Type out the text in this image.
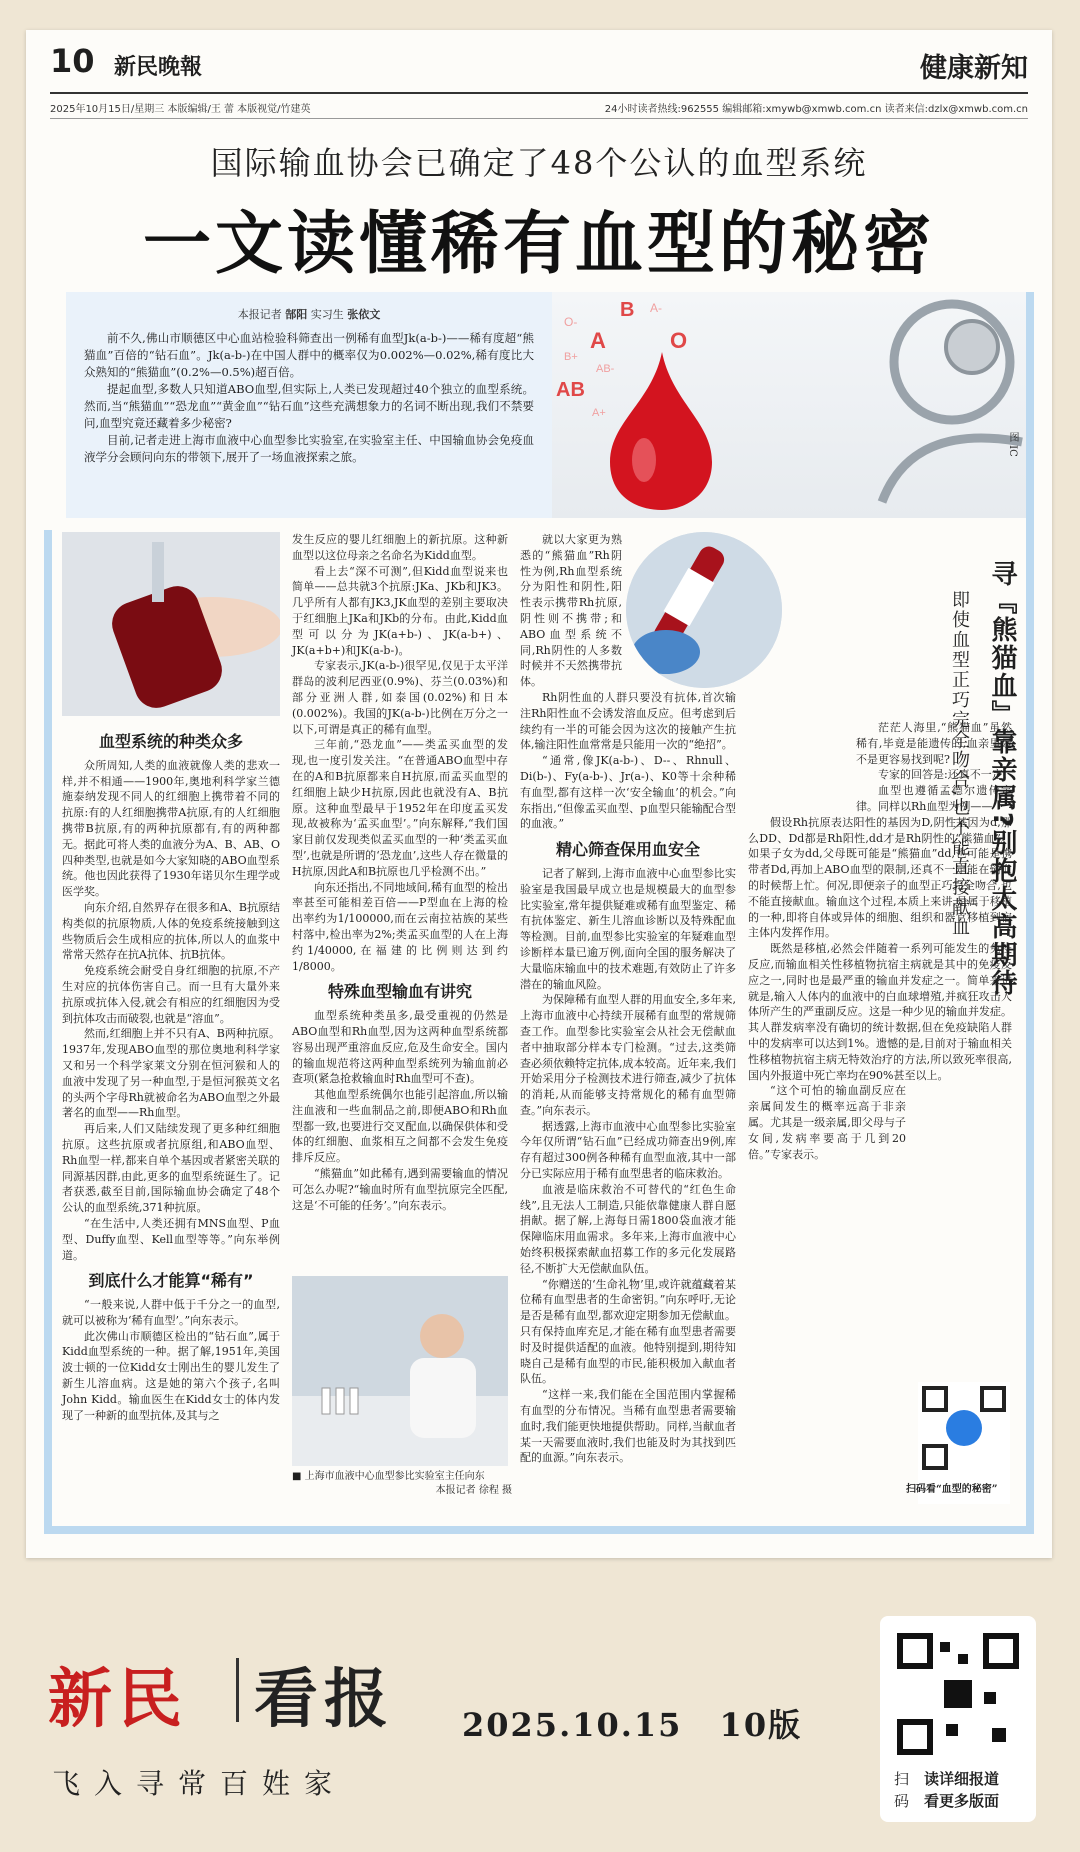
10 新民晚報	健康新知
2025年10月15日/星期三 本版编辑/王 蕾 本版视觉/竹建英	24小时读者热线:962555 编辑邮箱:xmywb@xmwb.com.cn 读者来信:dzlx@xmwb.com.cn
国际输血协会已确定了48个公认的血型系统
一文读懂稀有血型的秘密
本报记者 郜阳 实习生 张依文

前不久,佛山市顺德区中心血站检验科筛查出一例稀有血型Jk(a-b-)——稀有度超“熊猫血”百倍的“钻石血”。Jk(a-b-)在中国人群中的概率仅为0.002%—0.02%,稀有度比大众熟知的“熊猫血”(0.2%—0.5%)超百倍。

提起血型,多数人只知道ABO血型,但实际上,人类已发现超过40个独立的血型系统。然而,当“熊猫血”“恐龙血”“黄金血”“钻石血”这些充满想象力的名词不断出现,我们不禁要问,血型究竟还藏着多少秘密?

目前,记者走进上海市血液中心血型参比实验室,在实验室主任、中国输血协会免疫血液学分会顾问向东的带领下,展开了一场血液探索之旅。

B A-
O-
A	O
AB-
B+
AB
A+
图 IC
血型系统的种类众多

众所周知,人类的血液就像人类的悲欢一样,并不相通——1900年,奥地利科学家兰德施泰纳发现不同人的红细胞上携带着不同的抗原:有的人红细胞携带A抗原,有的人红细胞携带B抗原,有的两种抗原都有,有的两种都无。据此可将人类的血液分为A、B、AB、O四种类型,也就是如今大家知晓的ABO血型系统。他也因此获得了1930年诺贝尔生理学或医学奖。

向东介绍,自然界存在很多和A、B抗原结构类似的抗原物质,人体的免疫系统接触到这些物质后会生成相应的抗体,所以人的血浆中常常天然存在抗A抗体、抗B抗体。

免疫系统会耐受自身红细胞的抗原,不产生对应的抗体伤害自己。而一旦有大量外来抗原或抗体入侵,就会有相应的红细胞因为受到抗体攻击而破裂,也就是“溶血”。

然而,红细胞上并不只有A、B两种抗原。1937年,发现ABO血型的那位奥地利科学家又和另一个科学家莱文分别在恒河猴和人的血液中发现了另一种血型,于是恒河猴英文名的头两个字母Rh就被命名为ABO血型之外最著名的血型——Rh血型。

再后来,人们又陆续发现了更多种红细胞抗原。这些抗原或者抗原组,和ABO血型、Rh血型一样,都来自单个基因或者紧密关联的同源基因群,由此,更多的血型系统诞生了。记者获悉,截至目前,国际输血协会确定了48个公认的血型系统,371种抗原。

“在生活中,人类还拥有MNS血型、P血型、Duffy血型、Kell血型等等。”向东举例道。

到底什么才能算“稀有”

“一般来说,人群中低于千分之一的血型,就可以被称为‘稀有血型’。”向东表示。

此次佛山市顺德区检出的“钻石血”,属于Kidd血型系统的一种。据了解,1951年,美国波士顿的一位Kidd女士刚出生的婴儿发生了新生儿溶血病。这是她的第六个孩子,名叫John Kidd。输血医生在Kidd女士的体内发现了一种新的血型抗体,及其与之

发生反应的婴儿红细胞上的新抗原。这种新血型以这位母亲之名命名为Kidd血型。

看上去“深不可测”,但Kidd血型说来也简单——总共就3个抗原:JKa、JKb和JK3。几乎所有人都有JK3,JK血型的差别主要取决于红细胞上JKa和JKb的分布。由此,Kidd血型可以分为JK(a+b-)、JK(a-b+)、JK(a+b+)和JK(a-b-)。

专家表示,JK(a-b-)很罕见,仅见于太平洋群岛的波利尼西亚(0.9%)、芬兰(0.03%)和部分亚洲人群,如泰国(0.02%)和日本(0.002%)。我国的JK(a-b-)比例在万分之一以下,可谓是真正的稀有血型。

三年前,“恐龙血”——类孟买血型的发现,也一度引发关注。“在普通ABO血型中存在的A和B抗原都来自H抗原,而孟买血型的红细胞上缺少H抗原,因此也就没有A、B抗原。这种血型最早于1952年在印度孟买发现,故被称为‘孟买血型’。”向东解释,“我们国家目前仅发现类似孟买血型的一种‘类孟买血型’,也就是所谓的‘恐龙血’,这些人存在微量的H抗原,因此A和B抗原也几乎检测不出。”

向东还指出,不同地域间,稀有血型的检出率甚至可能相差百倍——P型血在上海的检出率约为1/100000,而在云南拉祜族的某些村落中,检出率为2%;类孟买血型的人在上海约1/40000,在福建的比例则达到约1/8000。

特殊血型输血有讲究

血型系统种类虽多,最受重视的仍然是ABO血型和Rh血型,因为这两种血型系统都容易出现严重溶血反应,危及生命安全。国内的输血规范将这两种血型系统列为输血前必查项(紧急抢救输血时Rh血型可不查)。

其他血型系统偶尔也能引起溶血,所以输注血液和一些血制品之前,即便ABO和Rh血型都一致,也要进行交叉配血,以确保供体和受体的红细胞、血浆相互之间都不会发生免疫排斥反应。

“熊猫血”如此稀有,遇到需要输血的情况可怎么办呢?“输血时所有血型抗原完全匹配,这是‘不可能的任务’。”向东表示。

■ 上海市血液中心血型参比实验室主任向东
本报记者 徐程 摄

就以大家更为熟悉的“熊猫血”Rh阴性为例,Rh血型系统分为阳性和阴性,阳性表示携带Rh抗原,阴性则不携带;和ABO血型系统不同,Rh阴性的人多数时候并不天然携带抗体。

Rh阴性血的人群只要没有抗体,首次输注Rh阳性血不会诱发溶血反应。但考虑到后续约有一半的可能会因为这次的接触产生抗体,输注阳性血常常是只能用一次的“绝招”。

“通常,像JK(a-b-)、D--、Rhnull、Di(b-)、Fy(a-b-)、Jr(a-)、K0等十余种稀有血型,都有这样一次‘安全输血’的机会。”向东指出,“但像孟买血型、p血型只能输配合型的血液。”

精心筛查保用血安全

记者了解到,上海市血液中心血型参比实验室是我国最早成立也是规模最大的血型参比实验室,常年提供疑难或稀有血型鉴定、稀有抗体鉴定、新生儿溶血诊断以及特殊配血等检测。目前,血型参比实验室的年疑难血型诊断样本量已逾万例,面向全国的服务解决了大量临床输血中的技术难题,有效防止了许多潜在的输血风险。

为保障稀有血型人群的用血安全,多年来,上海市血液中心持续开展稀有血型的常规筛查工作。血型参比实验室会从社会无偿献血者中抽取部分样本专门检测。“过去,这类筛查必须依赖特定抗体,成本较高。近年来,我们开始采用分子检测技术进行筛查,减少了抗体的消耗,从而能够支持常规化的稀有血型筛查。”向东表示。

据透露,上海市血液中心血型参比实验室今年仅所谓“钻石血”已经成功筛查出9例,库存有超过300例各种稀有血型血液,其中一部分已实际应用于稀有血型患者的临床救治。

血液是临床救治不可替代的“红色生命线”,且无法人工制造,只能依靠健康人群自愿捐献。据了解,上海每日需1800袋血液才能保障临床用血需求。多年来,上海市血液中心始终积极探索献血招募工作的多元化发展路径,不断扩大无偿献血队伍。

“你赠送的‘生命礼物’里,或许就蕴藏着某位稀有血型患者的生命密钥。”向东呼吁,无论是否是稀有血型,都欢迎定期参加无偿献血。只有保持血库充足,才能在稀有血型患者需要时及时提供适配的血液。他特别提到,期待知晓自己是稀有血型的市民,能积极加入献血者队伍。

“这样一来,我们能在全国范围内掌握稀有血型的分布情况。当稀有血型患者需要输血时,我们能更快地提供帮助。同样,当献血者某一天需要血液时,我们也能及时为其找到匹配的血源。”向东表示。

寻『熊猫血』靠亲属?别抱太高期待
即使血型正巧完全吻合,也不能直接献血

茫茫人海里,“熊猫血”虽然稀有,毕竟是能遗传的,血亲里是不是更容易找到呢?

专家的回答是:还真不一定!

血型也遵循孟德尔遗传定律。同样以Rh血型为例——

假设Rh抗原表达阳性的基因为D,阴性基因为d,那么DD、Dd都是Rh阳性,dd才是Rh阴性的“熊猫血”。如果子女为dd,父母既可能是“熊猫血”dd,也可能是携带者Dd,再加上ABO血型的限制,还真不一定能在输血的时候帮上忙。何况,即便亲子的血型正巧完全吻合,也不能直接献血。输血这个过程,本质上来讲,是属于移植的一种,即将自体或异体的细胞、组织和器官移植到宿主体内发挥作用。

既然是移植,必然会伴随着一系列可能发生的免疫反应,而输血相关性移植物抗宿主病就是其中的免疫反应之一,同时也是最严重的输血并发症之一。简单来讲就是,输入人体内的血液中的白血球增殖,并疯狂攻击人体所产生的严重副反应。这是一种少见的输血并发症。其人群发病率没有确切的统计数据,但在免疫缺陷人群中的发病率可以达到1%。遗憾的是,目前对于输血相关性移植物抗宿主病无特效治疗的方法,所以致死率很高,国内外报道中死亡率均在90%甚至以上。

“这个可怕的输血副反应在亲属间发生的概率远高于非亲属。尤其是一级亲属,即父母与子女间,发病率要高于几到20倍。”专家表示。

扫码看“血型的秘密”
新民 看报 2025.10.15 10版
飞入寻常百姓家	扫码
读详细报道
看更多版面
